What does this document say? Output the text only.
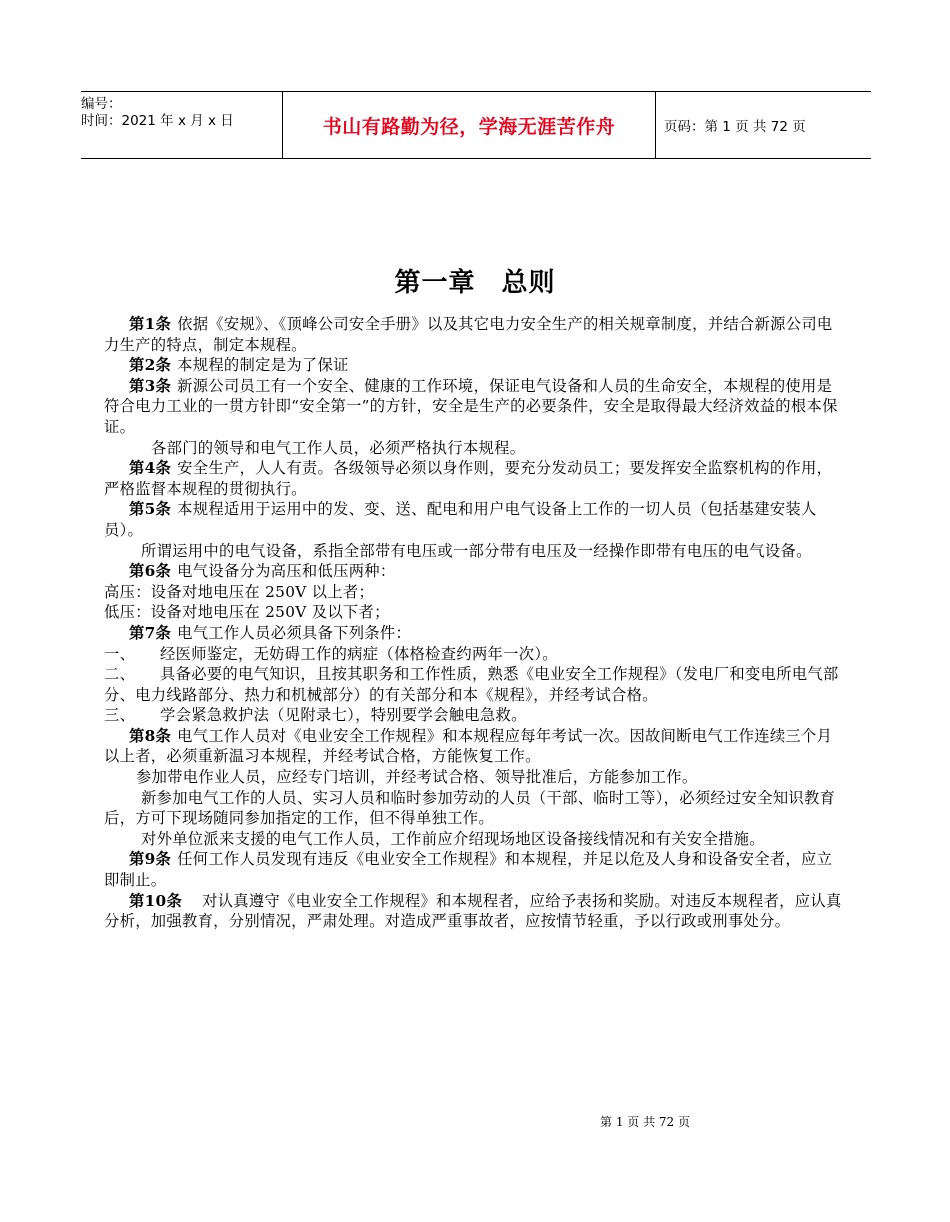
编号：
时间：2021 年 x 月 x 日	书山有路勤为径，学海无涯苦作舟	页码：第 1 页 共 72 页
第一章 总则

第1条 依据《安规》、《顶峰公司安全手册》以及其它电力安全生产的相关规章制度，并结合新源公司电力生产的特点，制定本规程。

第2条 本规程的制定是为了保证

第3条 新源公司员工有一个安全、健康的工作环境，保证电气设备和人员的生命安全，本规程的使用是符合电力工业的一贯方针即“安全第一”的方针，安全是生产的必要条件，安全是取得最大经济效益的根本保证。

各部门的领导和电气工作人员，必须严格执行本规程。

第4条 安全生产，人人有责。各级领导必须以身作则，要充分发动员工；要发挥安全监察机构的作用，严格监督本规程的贯彻执行。

第5条 本规程适用于运用中的发、变、送、配电和用户电气设备上工作的一切人员（包括基建安装人员）。

所谓运用中的电气设备，系指全部带有电压或一部分带有电压及一经操作即带有电压的电气设备。

第6条 电气设备分为高压和低压两种：

高压：设备对地电压在 250V 以上者；

低压：设备对地电压在 250V 及以下者；

第7条 电气工作人员必须具备下列条件：

一、 经医师鉴定，无妨碍工作的病症（体格检查约两年一次）。

二、 具备必要的电气知识，且按其职务和工作性质，熟悉《电业安全工作规程》（发电厂和变电所电气部分、电力线路部分、热力和机械部分）的有关部分和本《规程》，并经考试合格。

三、 学会紧急救护法（见附录七），特别要学会触电急救。

第8条 电气工作人员对《电业安全工作规程》和本规程应每年考试一次。因故间断电气工作连续三个月以上者，必须重新温习本规程，并经考试合格，方能恢复工作。

参加带电作业人员，应经专门培训，并经考试合格、领导批准后，方能参加工作。

新参加电气工作的人员、实习人员和临时参加劳动的人员（干部、临时工等），必须经过安全知识教育后，方可下现场随同参加指定的工作，但不得单独工作。

对外单位派来支援的电气工作人员，工作前应介绍现场地区设备接线情况和有关安全措施。

第9条 任何工作人员发现有违反《电业安全工作规程》和本规程，并足以危及人身和设备安全者，应立即制止。

第10条 对认真遵守《电业安全工作规程》和本规程者，应给予表扬和奖励。对违反本规程者，应认真分析，加强教育，分别情况，严肃处理。对造成严重事故者，应按情节轻重，予以行政或刑事处分。

第 1 页 共 72 页
